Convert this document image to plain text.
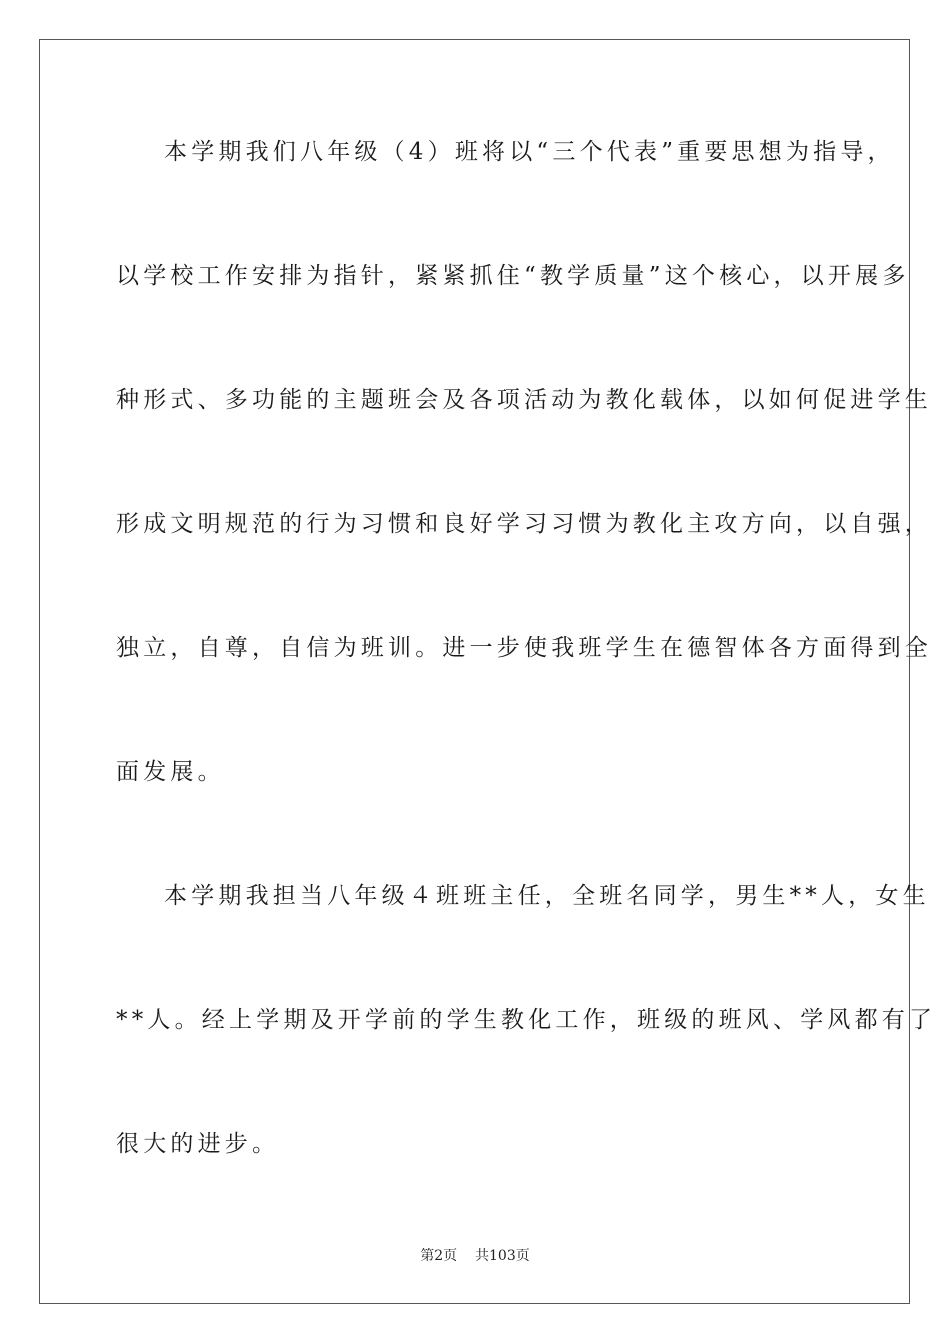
本学期我们八年级（4）班将以“三个代表”重要思想为指导，
以学校工作安排为指针，紧紧抓住“教学质量”这个核心，以开展多
种形式、多功能的主题班会及各项活动为教化载体，以如何促进学生
形成文明规范的行为习惯和良好学习习惯为教化主攻方向，以自强，
独立，自尊，自信为班训。进一步使我班学生在德智体各方面得到全
面发展。
本学期我担当八年级４班班主任，全班名同学，男生**人，女生
**人。经上学期及开学前的学生教化工作，班级的班风、学风都有了
很大的进步。
第2页 共103页
